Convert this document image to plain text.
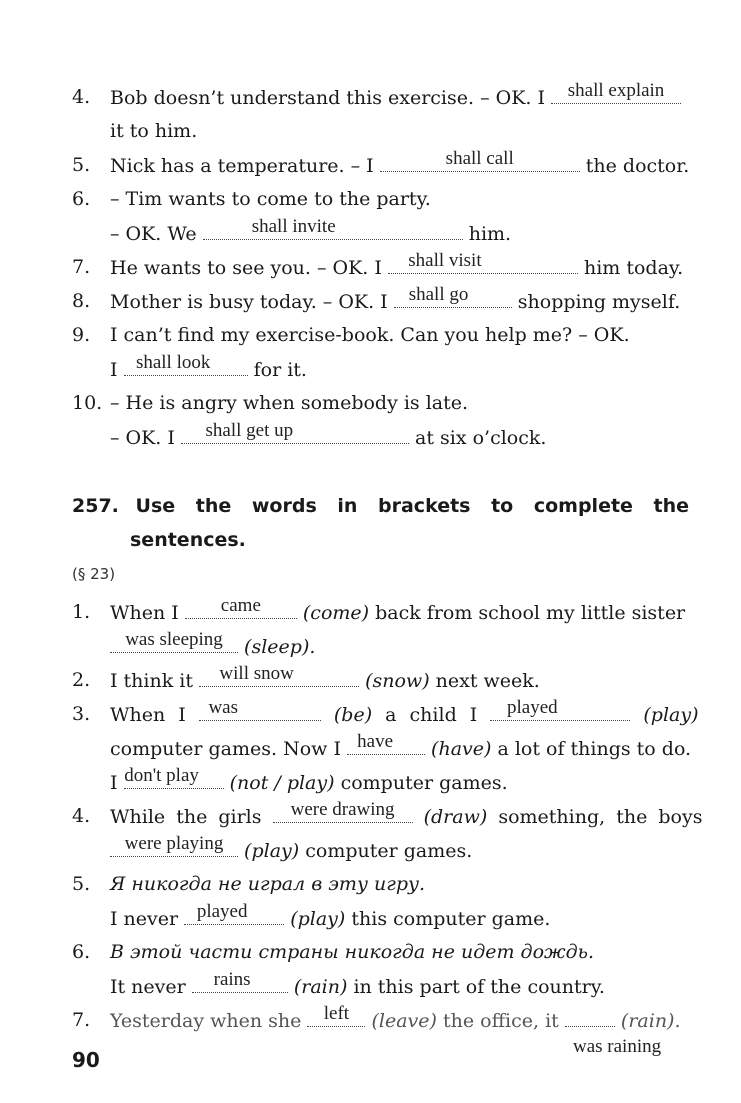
4. Bob doesn’t understand this exercise. – OK. I shall explain
it to him.
5. Nick has a temperature. – I	shall call	the doctor.
6. – Tim wants to come to the party.
– OK. We	shall invite	him.
7. He wants to see you. – OK. I shall visit	him today.
8. Mother is busy today. – OK. I shall go	shopping myself.
9. I can’t find my exercise-book. Can you help me? – OK.
I shall look for it.
10. – He is angry when somebody is late.
– OK. I shall get up	at six o’clock.
257. Use the words in brackets to complete the
sentences.
(§ 23)
1. When I came (come) back from school my little sister
was sleeping (sleep).
2. I think it will snow	(snow) next week.
3. When I was	(be) a child I played	(play)
computer games. Now I have (have) a lot of things to do.
I don't play (not / play) computer games.
4. While the girls were drawing (draw) something, the boys
were playing (play) computer games.
5. Я никогда не играл в эту игру.
I never played (play) this computer game.
6. В этой части страны никогда не идет дождь.
It never rains (rain) in this part of the country.
7. Yesterday when she left (leave) the office, it	(rain).
was raining
90
